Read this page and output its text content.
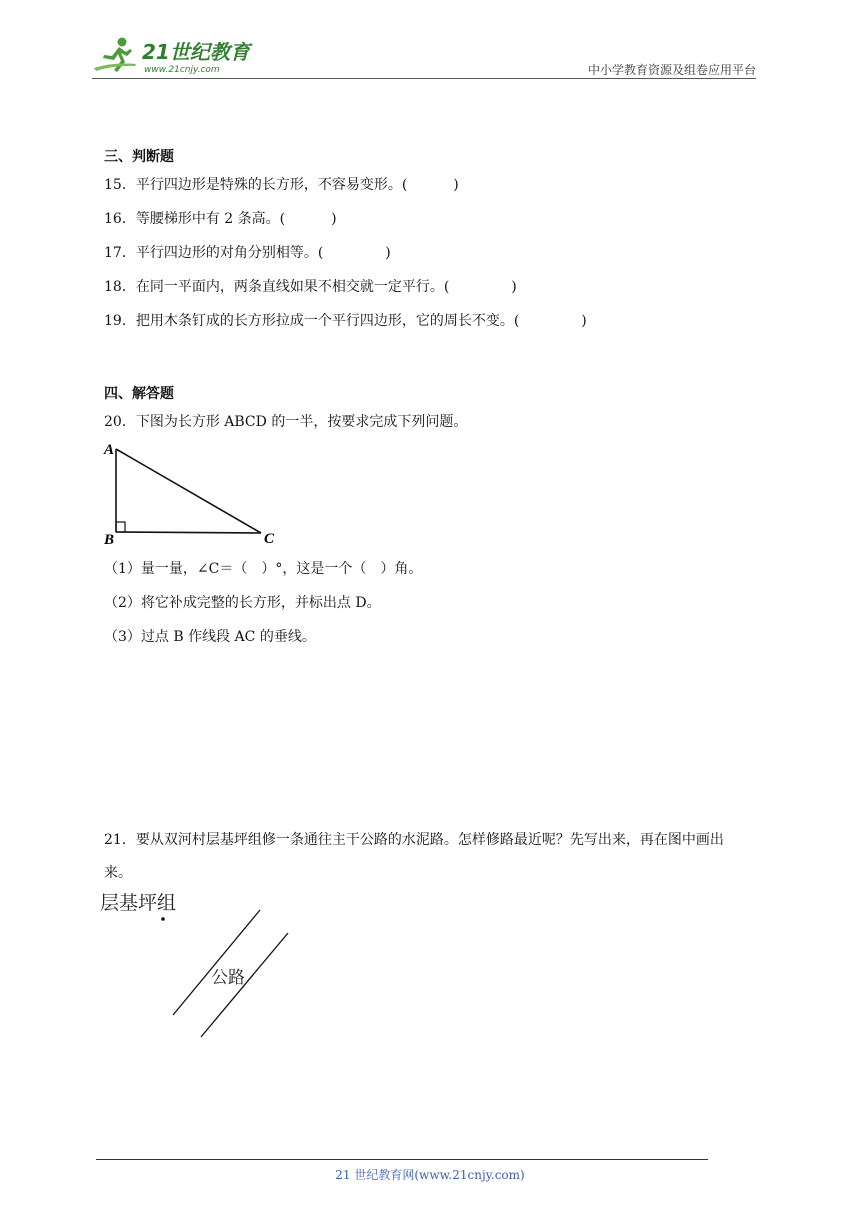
21世纪教育
www.21cnjy.com	中小学教育资源及组卷应用平台
三、判断题
15．平行四边形是特殊的长方形，不容易变形。(	)
16．等腰梯形中有 2 条高。(	)
17．平行四边形的对角分别相等。(	)
18．在同一平面内，两条直线如果不相交就一定平行。(	)
19．把用木条钉成的长方形拉成一个平行四边形，它的周长不变。(	)
四、解答题
20．下图为长方形 ABCD 的一半，按要求完成下列问题。
A
B	C
（1）量一量，∠C＝（　）°，这是一个（　）角。
（2）将它补成完整的长方形，并标出点 D。
（3）过点 B 作线段 AC 的垂线。
21．要从双河村层基坪组修一条通往主干公路的水泥路。怎样修路最近呢？先写出来，再在图中画出
来。
层基坪组
公路
21 世纪教育网(www.21cnjy.com)
